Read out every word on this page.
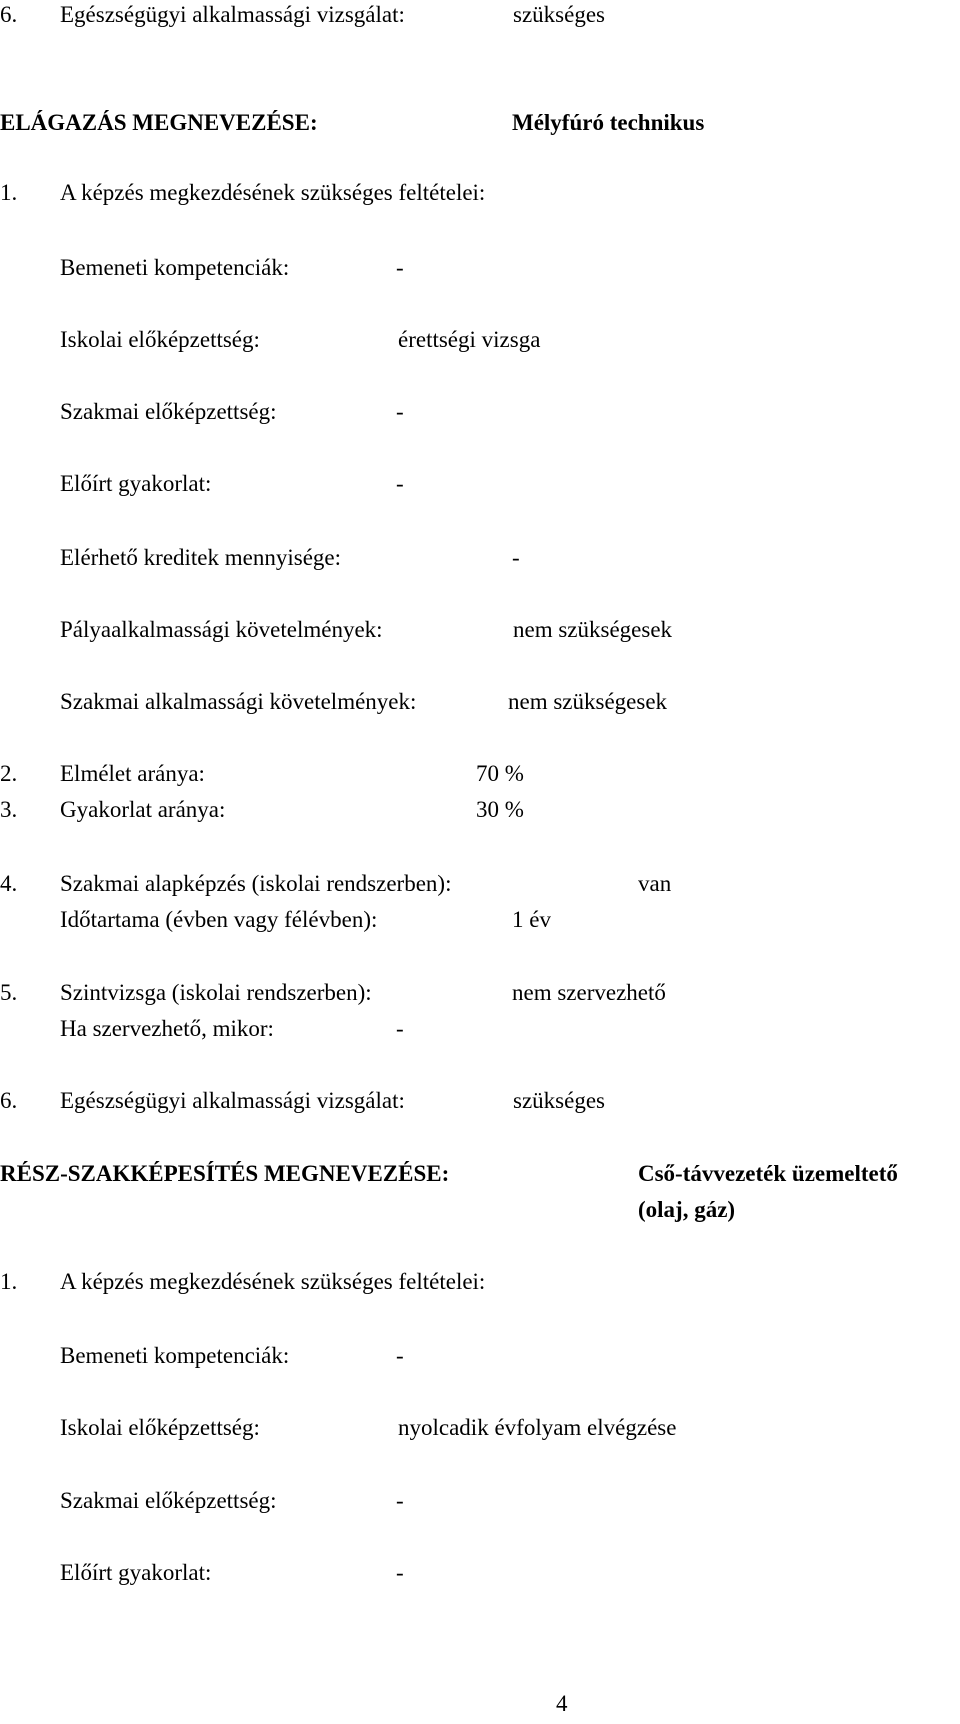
6. Egészségügyi alkalmassági vizsgálat:	szükséges
ELÁGAZÁS MEGNEVEZÉSE:	Mélyfúró technikus
1. A képzés megkezdésének szükséges feltételei:
Bemeneti kompetenciák:	-
Iskolai előképzettség:	érettségi vizsga
Szakmai előképzettség:	-
Előírt gyakorlat:	-
Elérhető kreditek mennyisége:	-
Pályaalkalmassági követelmények:	nem szükségesek
Szakmai alkalmassági követelmények:	nem szükségesek
2. Elmélet aránya:	70 %
3. Gyakorlat aránya:	30 %
4. Szakmai alapképzés (iskolai rendszerben):	van
Időtartama (évben vagy félévben):	1 év
5. Szintvizsga (iskolai rendszerben):	nem szervezhető
Ha szervezhető, mikor:	-
6. Egészségügyi alkalmassági vizsgálat:	szükséges
RÉSZ-SZAKKÉPESÍTÉS MEGNEVEZÉSE:	Cső-távvezeték üzemeltető
(olaj, gáz)
1. A képzés megkezdésének szükséges feltételei:
Bemeneti kompetenciák:	-
Iskolai előképzettség:	nyolcadik évfolyam elvégzése
Szakmai előképzettség:	-
Előírt gyakorlat:	-
4
